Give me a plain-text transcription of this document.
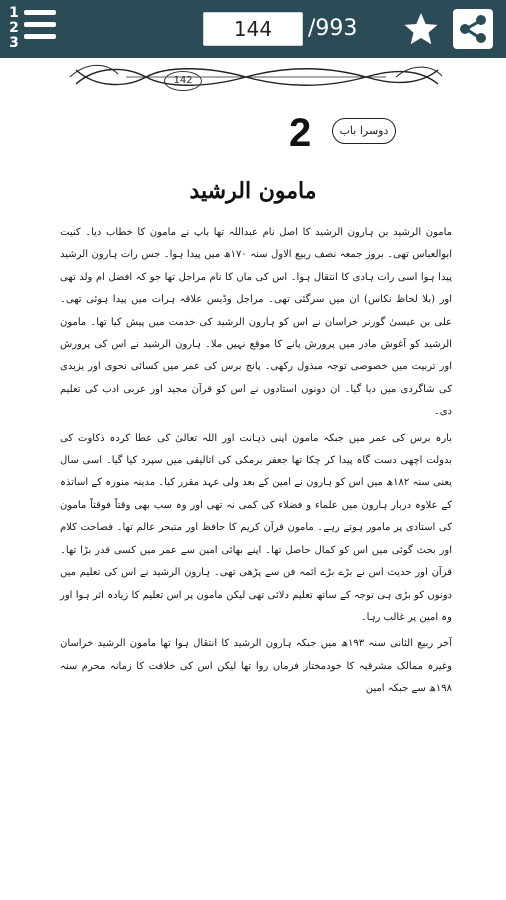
1
2
3
144	/993
142
2	دوسرا باب
مامون الرشید

مامون الرشید بن ہارون الرشید کا اصل نام عبداللہ تھا باپ نے مامون کا خطاب دیا۔ کنیت ابوالعباس تھی۔ بروز جمعہ نصف ربیع الاول سنہ ۱۷۰ھ میں پیدا ہوا۔ جس رات ہارون الرشید پیدا ہوا اسی رات ہادی کا انتقال ہوا۔ اس کی ماں کا نام مراجل تھا جو کہ افضل ام ولد تھی اور (بلا لحاظ نکاس) ان میں سرگئی تھی۔ مراجل وڈیس علاقہ ہرات میں پیدا ہوئی تھی۔ علی بن عیسیٰ گورنر خراسان نے اس کو ہارون الرشید کی خدمت میں پیش کیا تھا۔ مامون الرشید کو آغوش مادر میں پرورش پانے کا موقع نہیں ملا۔ ہارون الرشید نے اس کی پرورش اور تربیت میں خصوصی توجہ مبذول رکھی۔ پانچ برس کی عمر میں کسائی نحوی اور یزیدی کی شاگردی میں دیا گیا۔ ان دونوں استادوں نے اس کو قرآن مجید اور عربی ادب کی تعلیم دی۔

بارہ برس کی عمر میں جبکہ مامون اپنی ذہانت اور اللہ تعالیٰ کی عطا کردہ ذکاوت کی بدولت اچھی دست گاہ پیدا کر چکا تھا جعفر برمکی کی اتالیقی میں سپرد کیا گیا۔ اسی سال یعنی سنہ ۱۸۲ھ میں اس کو ہارون نے امین کے بعد ولی عہد مقرر کیا۔ مدینہ منورہ کے اساتذہ کے علاوہ دربار ہارون میں علماء و فضلاء کی کمی نہ تھی اور وہ سب بھی وقتاً فوقتاً مامون کی استادی پر مامور ہوتے رہے۔ مامون قرآن کریم کا حافظ اور متبحر عالم تھا۔ فصاحت کلام اور بحث گوئی میں اس کو کمال حاصل تھا۔ اپنے بھائی امین سے عمر میں کسی قدر بڑا تھا۔ قرآن اور حدیث اس نے بڑے بڑے ائمہ فن سے پڑھی تھی۔ ہارون الرشید نے اس کی تعلیم میں دونوں کو بڑی ہی توجہ کے ساتھ تعلیم دلائی تھی لیکن مامون پر اس تعلیم کا زیادہ اثر ہوا اور وہ امین پر غالب رہا۔

آخر ربیع الثانی سنہ ۱۹۳ھ میں جبکہ ہارون الرشید کا انتقال ہوا تھا مامون الرشید خراسان وغیرہ ممالک مشرقیہ کا خودمختار فرماں روا تھا لیکن اس کی خلافت کا زمانہ محرم سنہ ۱۹۸ھ سے جبکہ امین
